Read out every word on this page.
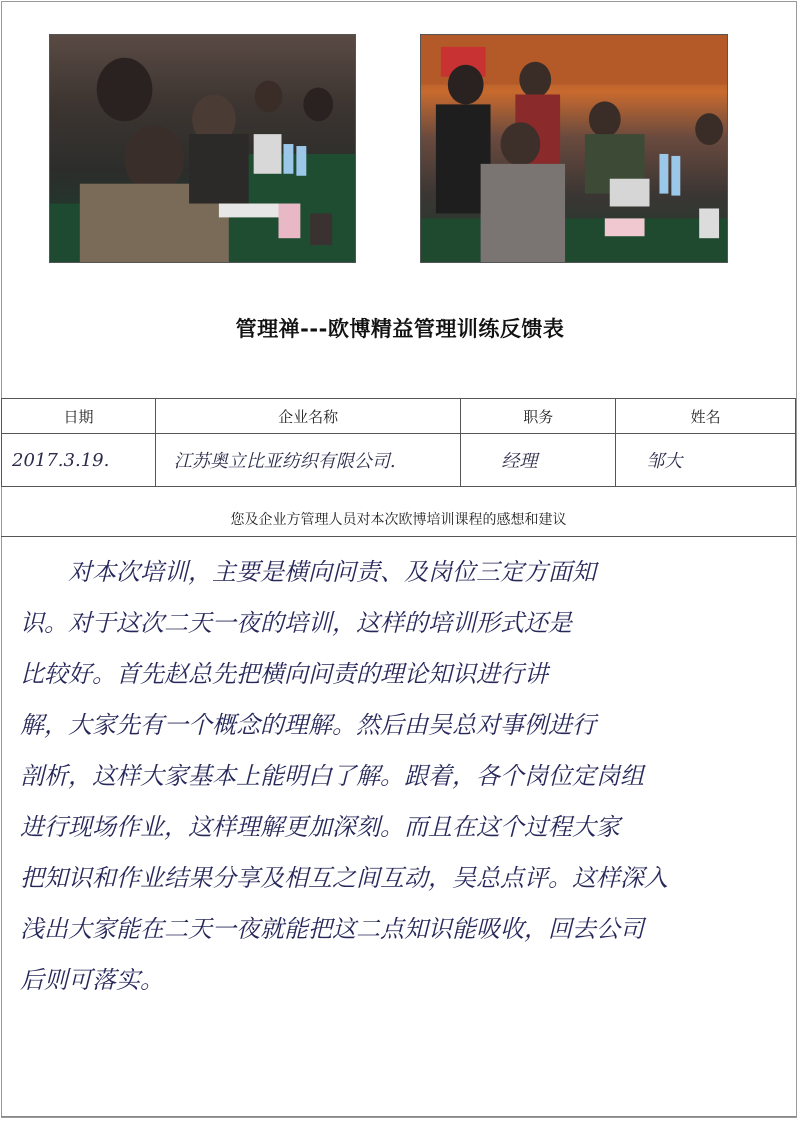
管理禅---欧博精益管理训练反馈表
日期	企业名称	职务	姓名
2017.3.19.	江苏奥立比亚纺织有限公司.	经理	邹大
您及企业方管理人员对本次欧博培训课程的感想和建议
对本次培训，主要是横向问责、及岗位三定方面知
识。对于这次二天一夜的培训，这样的培训形式还是
比较好。首先赵总先把横向问责的理论知识进行讲
解，大家先有一个概念的理解。然后由吴总对事例进行
剖析，这样大家基本上能明白了解。跟着，各个岗位定岗组
进行现场作业，这样理解更加深刻。而且在这个过程大家
把知识和作业结果分享及相互之间互动，吴总点评。这样深入
浅出大家能在二天一夜就能把这二点知识能吸收，回去公司
后则可落实。
